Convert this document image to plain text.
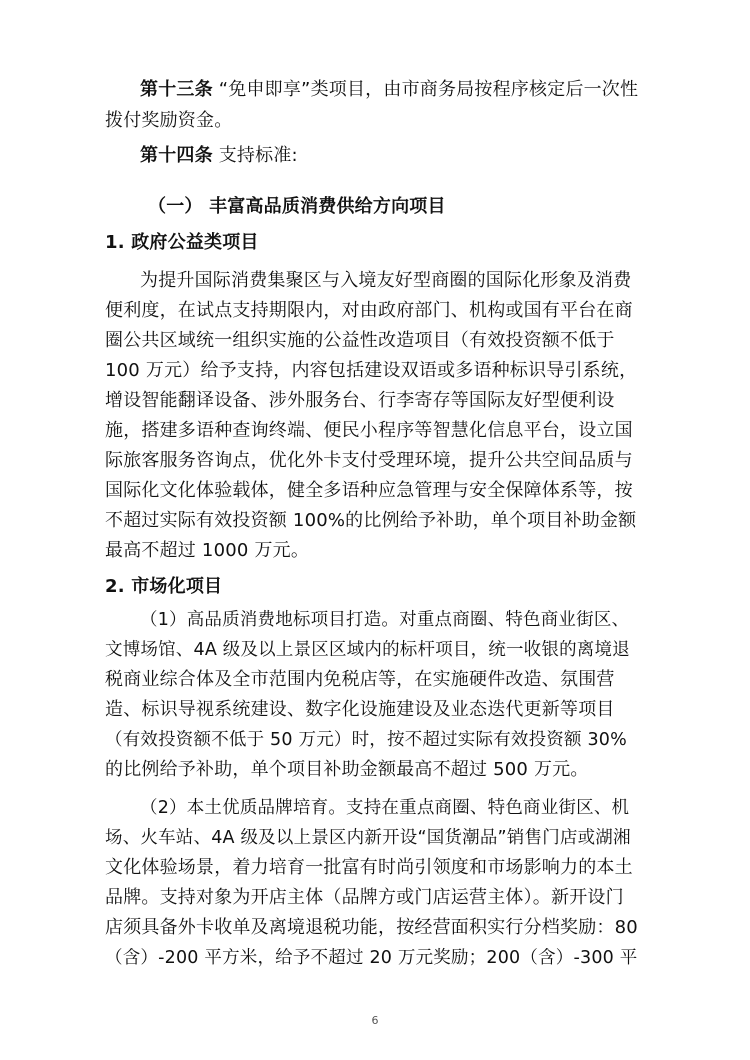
第十三条 “免申即享”类项目，由市商务局按程序核定后一次性
拨付奖励资金。
第十四条 支持标准:
（一） 丰富高品质消费供给方向项目
1. 政府公益类项目
为提升国际消费集聚区与入境友好型商圈的国际化形象及消费
便利度，在试点支持期限内，对由政府部门、机构或国有平台在商
圈公共区域统一组织实施的公益性改造项目（有效投资额不低于
100 万元）给予支持，内容包括建设双语或多语种标识导引系统，
增设智能翻译设备、涉外服务台、行李寄存等国际友好型便利设
施，搭建多语种查询终端、便民小程序等智慧化信息平台，设立国
际旅客服务咨询点，优化外卡支付受理环境，提升公共空间品质与
国际化文化体验载体，健全多语种应急管理与安全保障体系等，按
不超过实际有效投资额 100%的比例给予补助，单个项目补助金额
最高不超过 1000 万元。
2. 市场化项目
（1）高品质消费地标项目打造。对重点商圈、特色商业街区、
文博场馆、4A 级及以上景区区域内的标杆项目，统一收银的离境退
税商业综合体及全市范围内免税店等，在实施硬件改造、氛围营
造、标识导视系统建设、数字化设施建设及业态迭代更新等项目
（有效投资额不低于 50 万元）时，按不超过实际有效投资额 30%
的比例给予补助，单个项目补助金额最高不超过 500 万元。
（2）本土优质品牌培育。支持在重点商圈、特色商业街区、机
场、火车站、4A 级及以上景区内新开设“国货潮品”销售门店或湖湘
文化体验场景，着力培育一批富有时尚引领度和市场影响力的本土
品牌。支持对象为开店主体（品牌方或门店运营主体）。新开设门
店须具备外卡收单及离境退税功能，按经营面积实行分档奖励：80
（含）-200 平方米，给予不超过 20 万元奖励；200（含）-300 平
6
